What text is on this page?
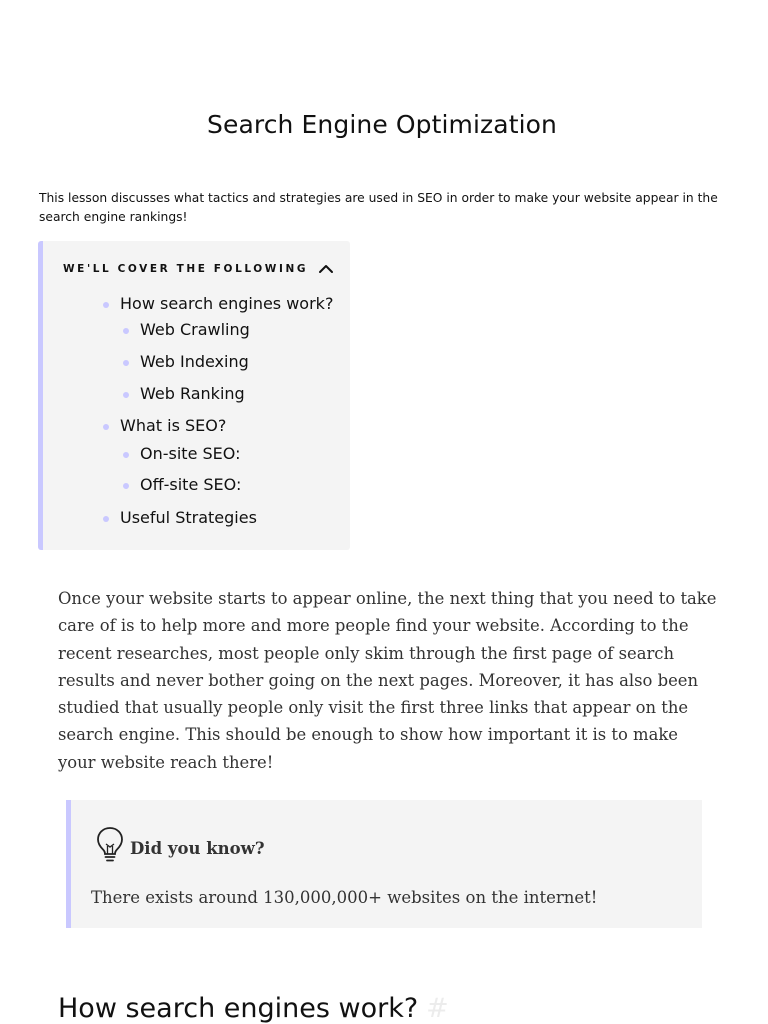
Search Engine Optimization

This lesson discusses what tactics and strategies are used in SEO in order to make your website appear in the search engine rankings!

WE'LL COVER THE FOLLOWING
How search engines work?
Web Crawling
Web Indexing
Web Ranking
What is SEO?
On-site SEO:
Off-site SEO:
Useful Strategies

Once your website starts to appear online, the next thing that you need to take care of is to help more and more people find your website. According to the recent researches, most people only skim through the first page of search results and never bother going on the next pages. Moreover, it has also been studied that usually people only visit the first three links that appear on the search engine. This should be enough to show how important it is to make your website reach there!

Did you know?
There exists around 130,000,000+ websites on the internet!
How search engines work? #
